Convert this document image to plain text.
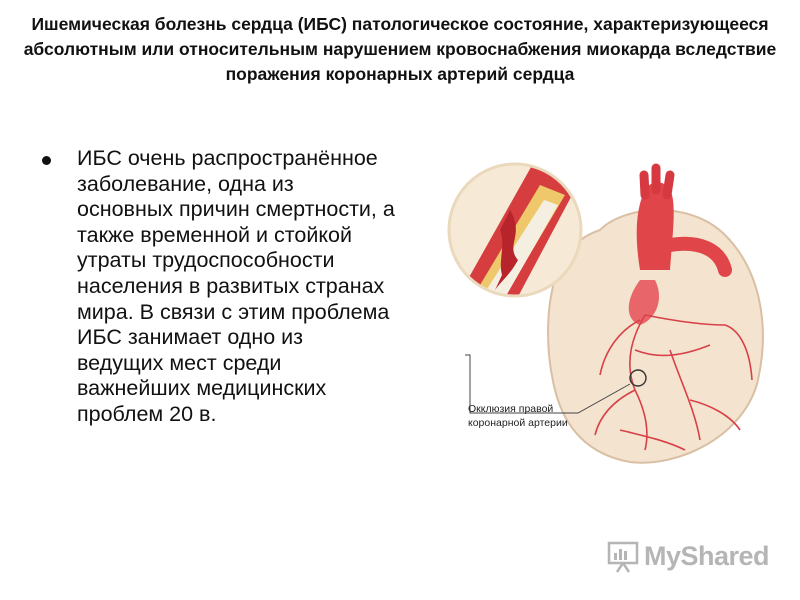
Ишемическая болезнь сердца (ИБС) патологическое состояние, характеризующееся абсолютным или относительным нарушением кровоснабжения миокарда вследствие поражения коронарных артерий сердца
ИБС очень распространённое заболевание, одна из основных причин смертности, а также временной и стойкой утраты трудоспособности населения в развитых странах мира. В связи с этим проблема ИБС занимает одно из ведущих мест среди важнейших медицинских проблем 20 в.	Окклюзия правой коронарной артерии
MyShared
